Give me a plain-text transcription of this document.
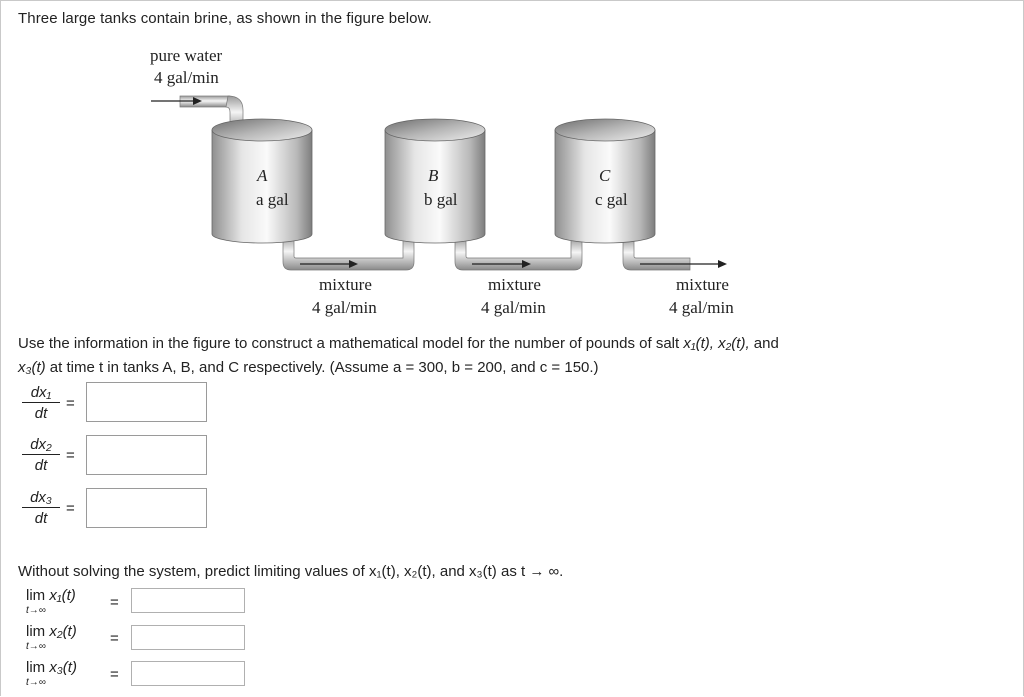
Three large tanks contain brine, as shown in the figure below.
pure water
4 gal/min
A
a gal
B
b gal
C
c gal
mixture
4 gal/min
mixture
4 gal/min
mixture
4 gal/min
Use the information in the figure to construct a mathematical model for the number of pounds of salt x₁(t), x₂(t), and
x₃(t) at time t in tanks A, B, and C respectively. (Assume a = 300, b = 200, and c = 150.)
$\frac{\text{dx₁}}{dt}$ =
$\frac{\text{dx₂}}{dt}$ =
$\frac{\text{dx₃}}{dt}$ =
Without solving the system, predict limiting values of x₁(t), x₂(t), and x₃(t) as t → ∞.
lim x₁(t)
t→∞	=
lim x₂(t)
t→∞	=
lim x₃(t)
t→∞	=
